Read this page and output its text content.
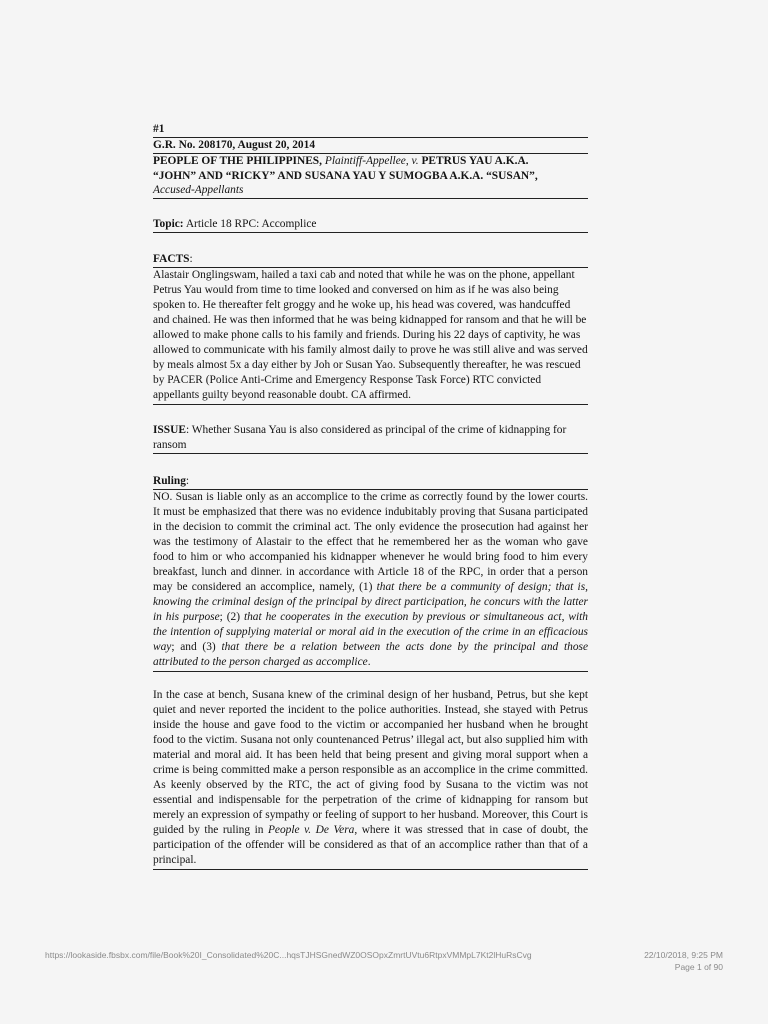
#1
G.R. No. 208170, August 20, 2014
PEOPLE OF THE PHILIPPINES, Plaintiff-Appellee, v. PETRUS YAU A.K.A.
“JOHN” AND “RICKY” AND SUSANA YAU Y SUMOGBA A.K.A. “SUSAN”,
Accused-Appellants
Topic: Article 18 RPC: Accomplice
FACTS:
Alastair Onglingswam, hailed a taxi cab and noted that while he was on the phone, appellant Petrus Yau would from time to time looked and conversed on him as if he was also being spoken to. He thereafter felt groggy and he woke up, his head was covered, was handcuffed and chained. He was then informed that he was being kidnapped for ransom and that he will be allowed to make phone calls to his family and friends. During his 22 days of captivity, he was allowed to communicate with his family almost daily to prove he was still alive and was served by meals almost 5x a day either by Joh or Susan Yao. Subsequently thereafter, he was rescued by PACER (Police Anti-Crime and Emergency Response Task Force) RTC convicted appellants guilty beyond reasonable doubt. CA affirmed.
ISSUE: Whether Susana Yau is also considered as principal of the crime of kidnapping for ransom
Ruling:
NO. Susan is liable only as an accomplice to the crime as correctly found by the lower courts. It must be emphasized that there was no evidence indubitably proving that Susana participated in the decision to commit the criminal act. The only evidence the prosecution had against her was the testimony of Alastair to the effect that he remembered her as the woman who gave food to him or who accompanied his kidnapper whenever he would bring food to him every breakfast, lunch and dinner. in accordance with Article 18 of the RPC, in order that a person may be considered an accomplice, namely, (1) that there be a community of design; that is, knowing the criminal design of the principal by direct participation, he concurs with the latter in his purpose; (2) that he cooperates in the execution by previous or simultaneous act, with the intention of supplying material or moral aid in the execution of the crime in an efficacious way; and (3) that there be a relation between the acts done by the principal and those attributed to the person charged as accomplice.
In the case at bench, Susana knew of the criminal design of her husband, Petrus, but she kept quiet and never reported the incident to the police authorities. Instead, she stayed with Petrus inside the house and gave food to the victim or accompanied her husband when he brought food to the victim. Susana not only countenanced Petrus’ illegal act, but also supplied him with material and moral aid. It has been held that being present and giving moral support when a crime is being committed make a person responsible as an accomplice in the crime committed. As keenly observed by the RTC, the act of giving food by Susana to the victim was not essential and indispensable for the perpetration of the crime of kidnapping for ransom but merely an expression of sympathy or feeling of support to her husband. Moreover, this Court is guided by the ruling in People v. De Vera, where it was stressed that in case of doubt, the participation of the offender will be considered as that of an accomplice rather than that of a principal.
https://lookaside.fbsbx.com/file/Book%20I_Consolidated%20C...hqsTJHSGnedWZ0OSOpxZmrtUVtu6RtpxVMMpL7Kt2lHuRsCvg	22/10/2018, 9:25 PM
Page 1 of 90
